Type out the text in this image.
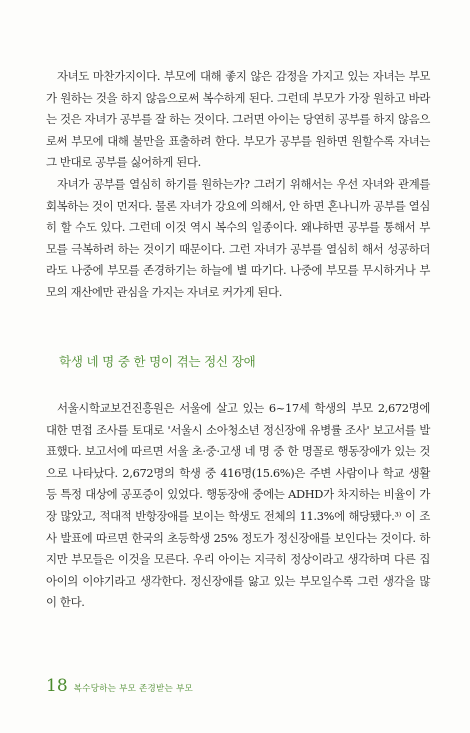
자녀도 마찬가지이다. 부모에 대해 좋지 않은 감정을 가지고 있는 자녀는 부모가 원하는 것을 하지 않음으로써 복수하게 된다. 그런데 부모가 가장 원하고 바라는 것은 자녀가 공부를 잘 하는 것이다. 그러면 아이는 당연히 공부를 하지 않음으로써 부모에 대해 불만을 표출하려 한다. 부모가 공부를 원하면 원할수록 자녀는 그 반대로 공부를 싫어하게 된다.

자녀가 공부를 열심히 하기를 원하는가? 그러기 위해서는 우선 자녀와 관계를 회복하는 것이 먼저다. 물론 자녀가 강요에 의해서, 안 하면 혼나니까 공부를 열심히 할 수도 있다. 그런데 이것 역시 복수의 일종이다. 왜냐하면 공부를 통해서 부모를 극복하려 하는 것이기 때문이다. 그런 자녀가 공부를 열심히 해서 성공하더라도 나중에 부모를 존경하기는 하늘에 별 따기다. 나중에 부모를 무시하거나 부모의 재산에만 관심을 가지는 자녀로 커가게 된다.

학생 네 명 중 한 명이 겪는 정신 장애

서울시학교보건진흥원은 서울에 살고 있는 6~17세 학생의 부모 2,672명에 대한 면접 조사를 토대로 '서울시 소아청소년 정신장애 유병률 조사' 보고서를 발표했다. 보고서에 따르면 서울 초·중·고생 네 명 중 한 명꼴로 행동장애가 있는 것으로 나타났다. 2,672명의 학생 중 416명(15.6%)은 주변 사람이나 학교 생활 등 특정 대상에 공포증이 있었다. 행동장애 중에는 ADHD가 차지하는 비율이 가장 많았고, 적대적 반항장애를 보이는 학생도 전체의 11.3%에 해당됐다.³⁾ 이 조사 발표에 따르면 한국의 초등학생 25% 정도가 정신장애를 보인다는 것이다. 하지만 부모들은 이것을 모른다. 우리 아이는 지극히 정상이라고 생각하며 다른 집 아이의 이야기라고 생각한다. 정신장애를 앓고 있는 부모일수록 그런 생각을 많이 한다.

18 복수당하는 부모 존경받는 부모
